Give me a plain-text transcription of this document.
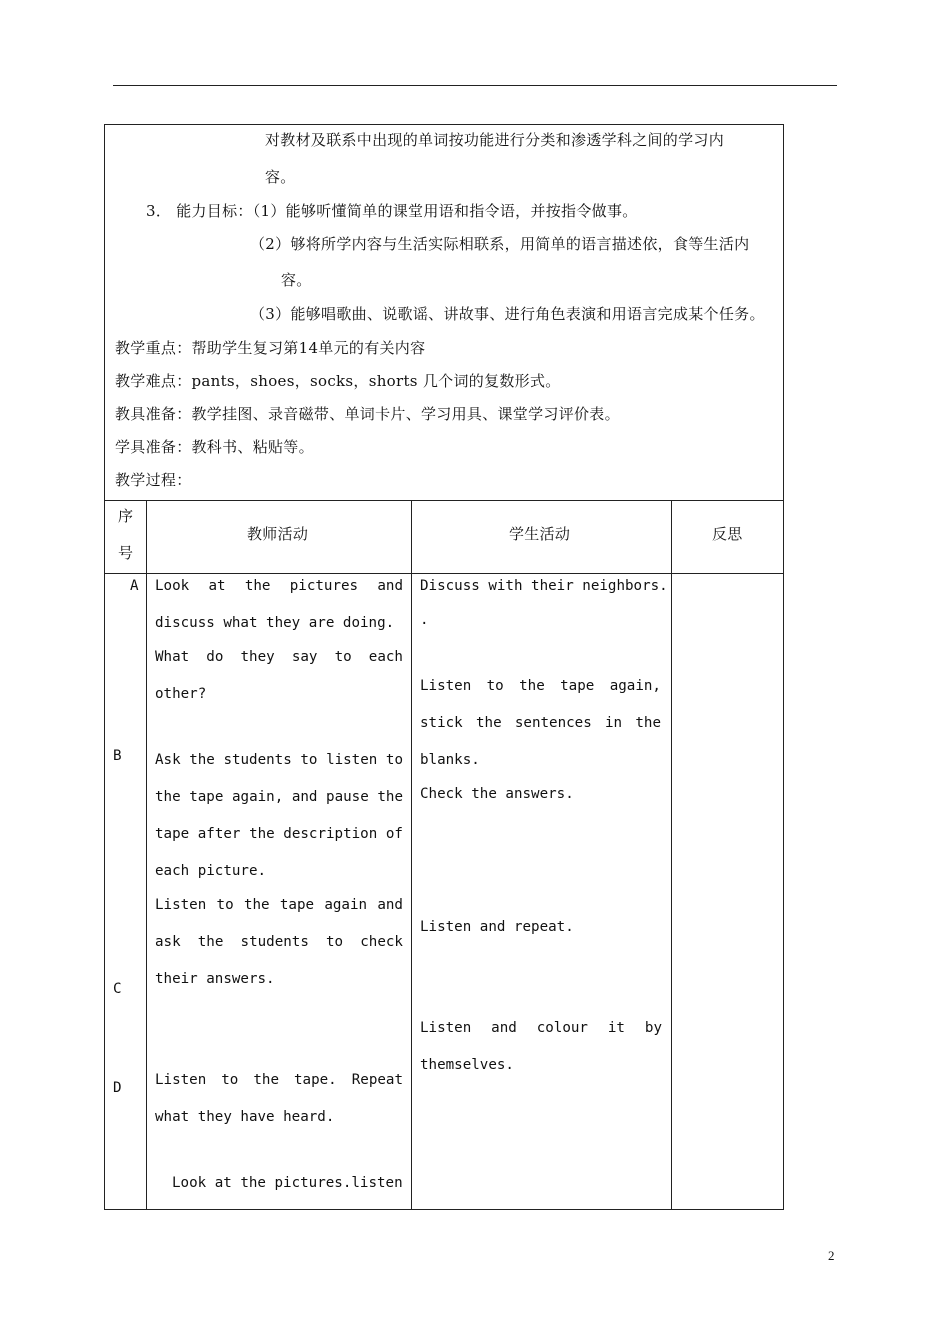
对教材及联系中出现的单词按功能进行分类和渗透学科之间的学习内
容。
3． 能力目标：（1）能够听懂简单的课堂用语和指令语，并按指令做事。
（2）够将所学内容与生活实际相联系，用简单的语言描述依，食等生活内
容。
（3）能够唱歌曲、说歌谣、讲故事、进行角色表演和用语言完成某个任务。
教学重点：帮助学生复习第14单元的有关内容
教学难点：pants，shoes，socks，shorts 几个词的复数形式。
教具准备：教学挂图、录音磁带、单词卡片、学习用具、课堂学习评价表。
学具准备：教科书、粘贴等。
教学过程：
序
号
教师活动	学生活动	反思
A
B
C
D
Look at the pictures and
discuss what they are doing.
What do they say to each
other?
Ask the students to listen to
the tape again, and pause the
tape after the description of
each picture.
Listen to the tape again and
ask the students to check
their answers.
Listen to the tape. Repeat
what they have heard.
Look at the pictures.listen
Discuss with their neighbors.
.
Listen to the tape again,
stick the sentences in the
blanks.
Check the answers.
Listen and repeat.
Listen and colour it by
themselves.
2
